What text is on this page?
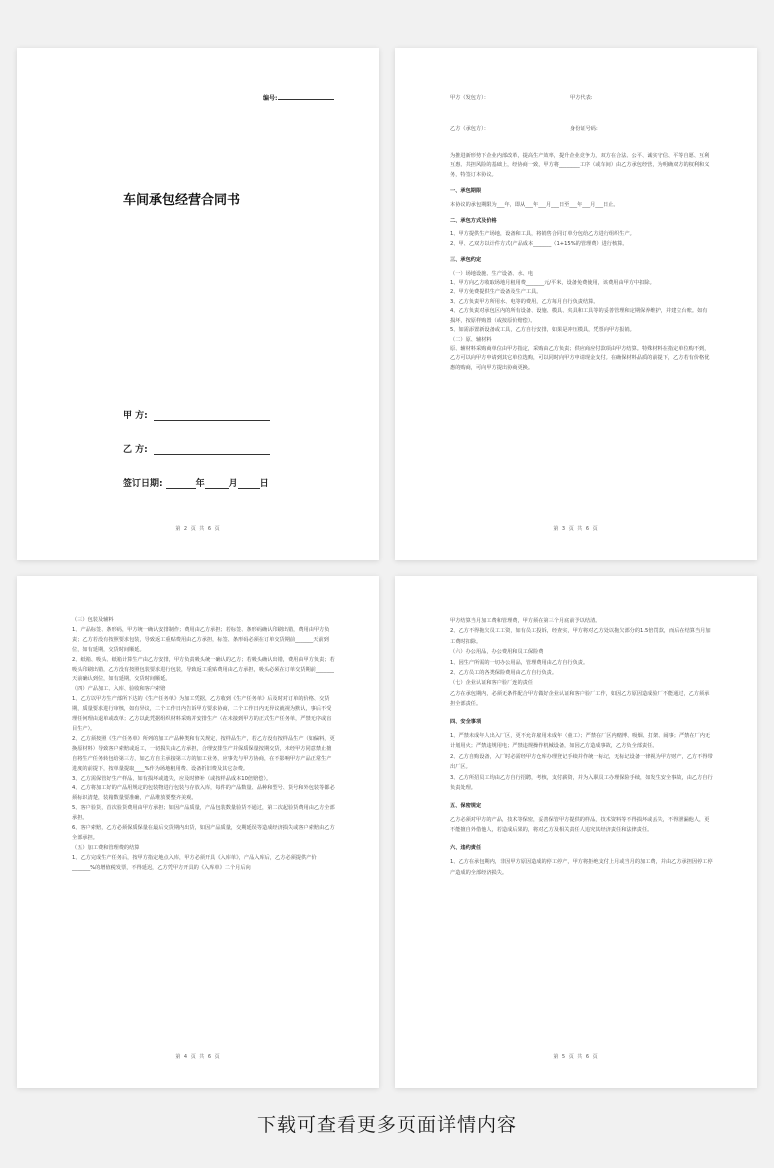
编号:
车间承包经营合同书
甲 方:
乙 方:
签订日期:	年	月 日
第 2 页 共 6 页
甲方（发包方）：	甲方代表:
乙方（承包方）：	身份证号码:

为推进新形势下企业内部改革，提高生产效率，提升企业竞争力，双方在合法、公平、诚实守信、平等自愿、互利互惠、共担风险的基础上，经协商一致，甲方将________工序（或车间）由乙方承包经营，为明确双方的权利和义务，特签订本协议。

一、承包期限

本协议的承包期限为___年，即从___年___月___日至___年___月___日止。

二、承包方式及价格

1、甲方提供生产场地，设备和工具，将销售合同订单分包给乙方进行组织生产。

2、甲、乙双方以计件方式(产品成本_______（1+15%的管理费）进行核算。

三、承包约定

（一）场地设施、生产设备、水、电

1、甲方向乙方收取场地月租用费_______元/平米，设备免费使用，该费用由甲方中扣除。

2、甲方免费提供生产设备及生产工具。

3、乙方负责甲方所用水、电等的费用，乙方每月自行负责结算。

4、乙方负责对承包区内的所有设备、设施、模具、夹具和工具等的妥善管理和定期保养维护，并建立台账。如有损坏，按原样购置（或按原价赔偿）。

5、如需添置新设备或工具，乙方自行安排，如果是冲压模具，凭票向甲方报销。

（二）原、辅材料

原、辅材料采购商单位由甲方指定，采购由乙方负责；供应商应付款项由甲方结算。特殊材料在指定单位购不到，乙方可以向甲方申请到其它单位选购，可以同时向甲方申请现金支付。在确保材料品质的前提下，乙方若有价格优惠的购商，可向甲方提出协商更换。

第 3 页 共 6 页

（三）包装及辅料

1、产品标签、条形码，甲方统一确认安排制作；费用由乙方承担；若标签、条形码确认印刷出错，费用由甲方负责；乙方若没有按照要求包装，导致返工重贴费用由乙方承担，标签、条形码必须在订单交货期前_______天前到位，如有延期，交货时间顺延。

2、纸箱、吸头、纸箱计算生产由乙方安排，甲方负责吸头统一确认的乙方；若吸头确认出错，费用由甲方负责；若吸头印刷出错，乙方没有按照包装要求进行包装，导致返工重贴费用由乙方承担，吸头必须在订单交货期前_______天前确认到位，如有延期，交货时间顺延。

（四）产品加工、入库、验收和客户索赔

1、乙方以甲方生产部所下达的《生产任务单》为加工凭据，乙方收到《生产任务单》后及时对订单的价格、交货期，质量要求进行审核，如有异议，二个工作日内告诉甲方要求协商，二个工作日内无异议就视为默认，事后不受理任何理由退单或改单；乙方以此凭据组织材料采购并安排生产（在未接到甲方的正式生产任务单，严禁无序或盲目生产）。

2、乙方须按照《生产任务单》所列的加工产品种类和有关规定，按样品生产，若乙方没有按样品生产（如偏料，更换原材料）导致客户索赔或返工，一切损失由乙方承担，合理安排生产并保质保量按期交货，未经甲方同意禁止擅自将生产任务转包给第三方，如乙方自主承接第三方的加工业务，应事先与甲方协商，在不影响甲方产品正常生产进度的前提下，按单量提取____%作为场地租用费、设备折旧费及其它杂费。

3、乙方需保管好生产样品，如有损坏或遗失，应及时修补（或按样品成本10倍赔偿）。

4、乙方将加工好的产品用规定的包装物进行包装与存放入库，每件的产品数量、品种和型号、货号和外包装等都必须标识清楚，装箱数量要准确，产品堆放要整齐美观。

5、客户验货，首次验货费用由甲方承担；如因产品质量，产品包装数量验货不通过，第二次起验货费用由乙方全部承担。

6、客户索赔，乙方必须保质保量在最后交货期内出货，如因产品质量，交期延误等造成经济损失或客户索赔由乙方全部承担。

（五）加工费和管理费的结算

1、乙方完成生产任务后，按甲方指定地点入库，甲方必须开具《入库单》，产品入库后，乙方必须提供产价_______%的增值税发票，不得延迟，乙方凭甲方开具的《入库单》二个月后向

第 4 页 共 6 页

甲方结算当月加工费和管理费，甲方须在第三个月底前予以结清。

2、乙方不得拖欠员工工资，如有员工投诉，经查实，甲方将对乙方处以拖欠部分的1.5倍罚款，而后在结算当月加工费时扣除。

（六）办公用品，办公费用和员工保险费

1、因生产所需的一切办公用品，管理费用由乙方自行负责。

2、乙方员工的各类保险费用由乙方自行负责。

（七）企业认证和客户验厂连的责任

乙方在承包期内，必须无条件配合甲方做好企业认证和客户验厂工作，如因乙方原因造成验厂不能通过，乙方须承担全部责任。

四、安全事项

1、严禁未成年人出入厂区，更不允许雇用未成年（童工）；严禁在厂区内赌博、吸烟、打架、闹事；严禁在厂内无计划用火；严禁违规用电；严禁违规操作机械设备，如因乙方造成事故，乙方负全部责任。

2、乙方自购设备，入厂时必需经甲方仓库办理登记手续并作统一标记，无标记设备一律视为甲方财产，乙方不得带出厂区。

3、乙方所招员工均由乙方自行招聘，考核，支付薪资，并为入职员工办理保险手续，如发生安全事故，由乙方自行负责处理。

五、保密规定

乙方必须对甲方的产品，技术等保密，妥善保管甲方提供的样品，技术资料等不得损坏或丢失，不得泄漏他人，更不能擅自外借他人，若造成后果的，将对乙方及相关责任人追究其经济责任和法律责任。

六、违约责任

1、乙方在承包期内，非因甲方原因造成的停工停产，甲方将拒绝支付上月或当月的加工费，并由乙方承担因停工停产造成的全部经济损失。

第 5 页 共 6 页
下载可查看更多页面详情内容
